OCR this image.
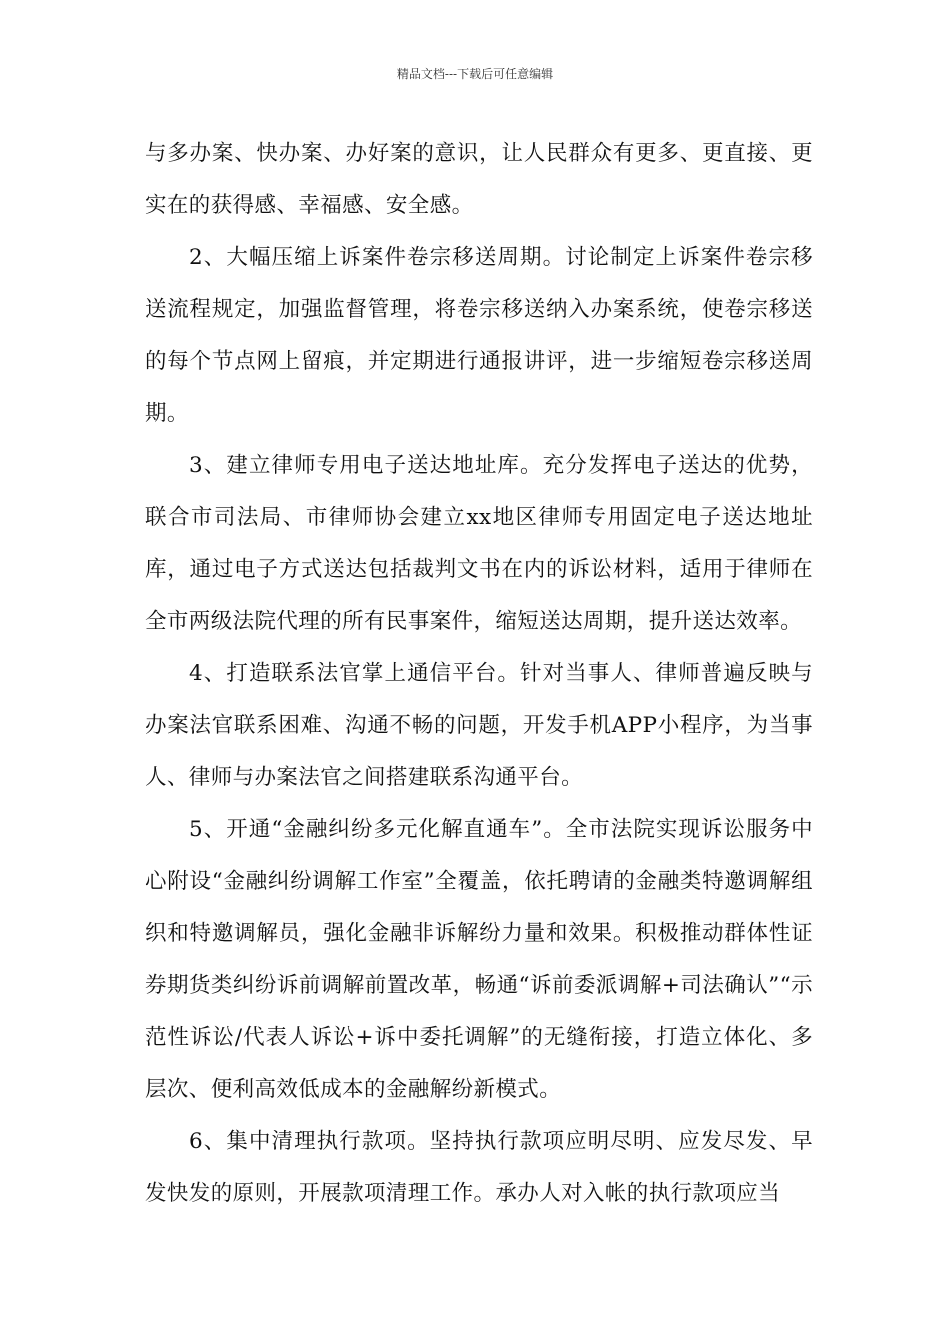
精品文档---下载后可任意编辑

与多办案、快办案、办好案的意识，让人民群众有更多、更直接、更实在的获得感、幸福感、安全感。

2、大幅压缩上诉案件卷宗移送周期。讨论制定上诉案件卷宗移送流程规定，加强监督管理，将卷宗移送纳入办案系统，使卷宗移送的每个节点网上留痕，并定期进行通报讲评，进一步缩短卷宗移送周期。

3、建立律师专用电子送达地址库。充分发挥电子送达的优势，联合市司法局、市律师协会建立xx地区律师专用固定电子送达地址库，通过电子方式送达包括裁判文书在内的诉讼材料，适用于律师在全市两级法院代理的所有民事案件，缩短送达周期，提升送达效率。

4、打造联系法官掌上通信平台。针对当事人、律师普遍反映与办案法官联系困难、沟通不畅的问题，开发手机APP小程序，为当事人、律师与办案法官之间搭建联系沟通平台。

5、开通“金融纠纷多元化解直通车”。全市法院实现诉讼服务中心附设“金融纠纷调解工作室”全覆盖，依托聘请的金融类特邀调解组织和特邀调解员，强化金融非诉解纷力量和效果。积极推动群体性证券期货类纠纷诉前调解前置改革，畅通“诉前委派调解+司法确认”“示范性诉讼/代表人诉讼+诉中委托调解”的无缝衔接，打造立体化、多层次、便利高效低成本的金融解纷新模式。

6、集中清理执行款项。坚持执行款项应明尽明、应发尽发、早发快发的原则，开展款项清理工作。承办人对入帐的执行款项应当
